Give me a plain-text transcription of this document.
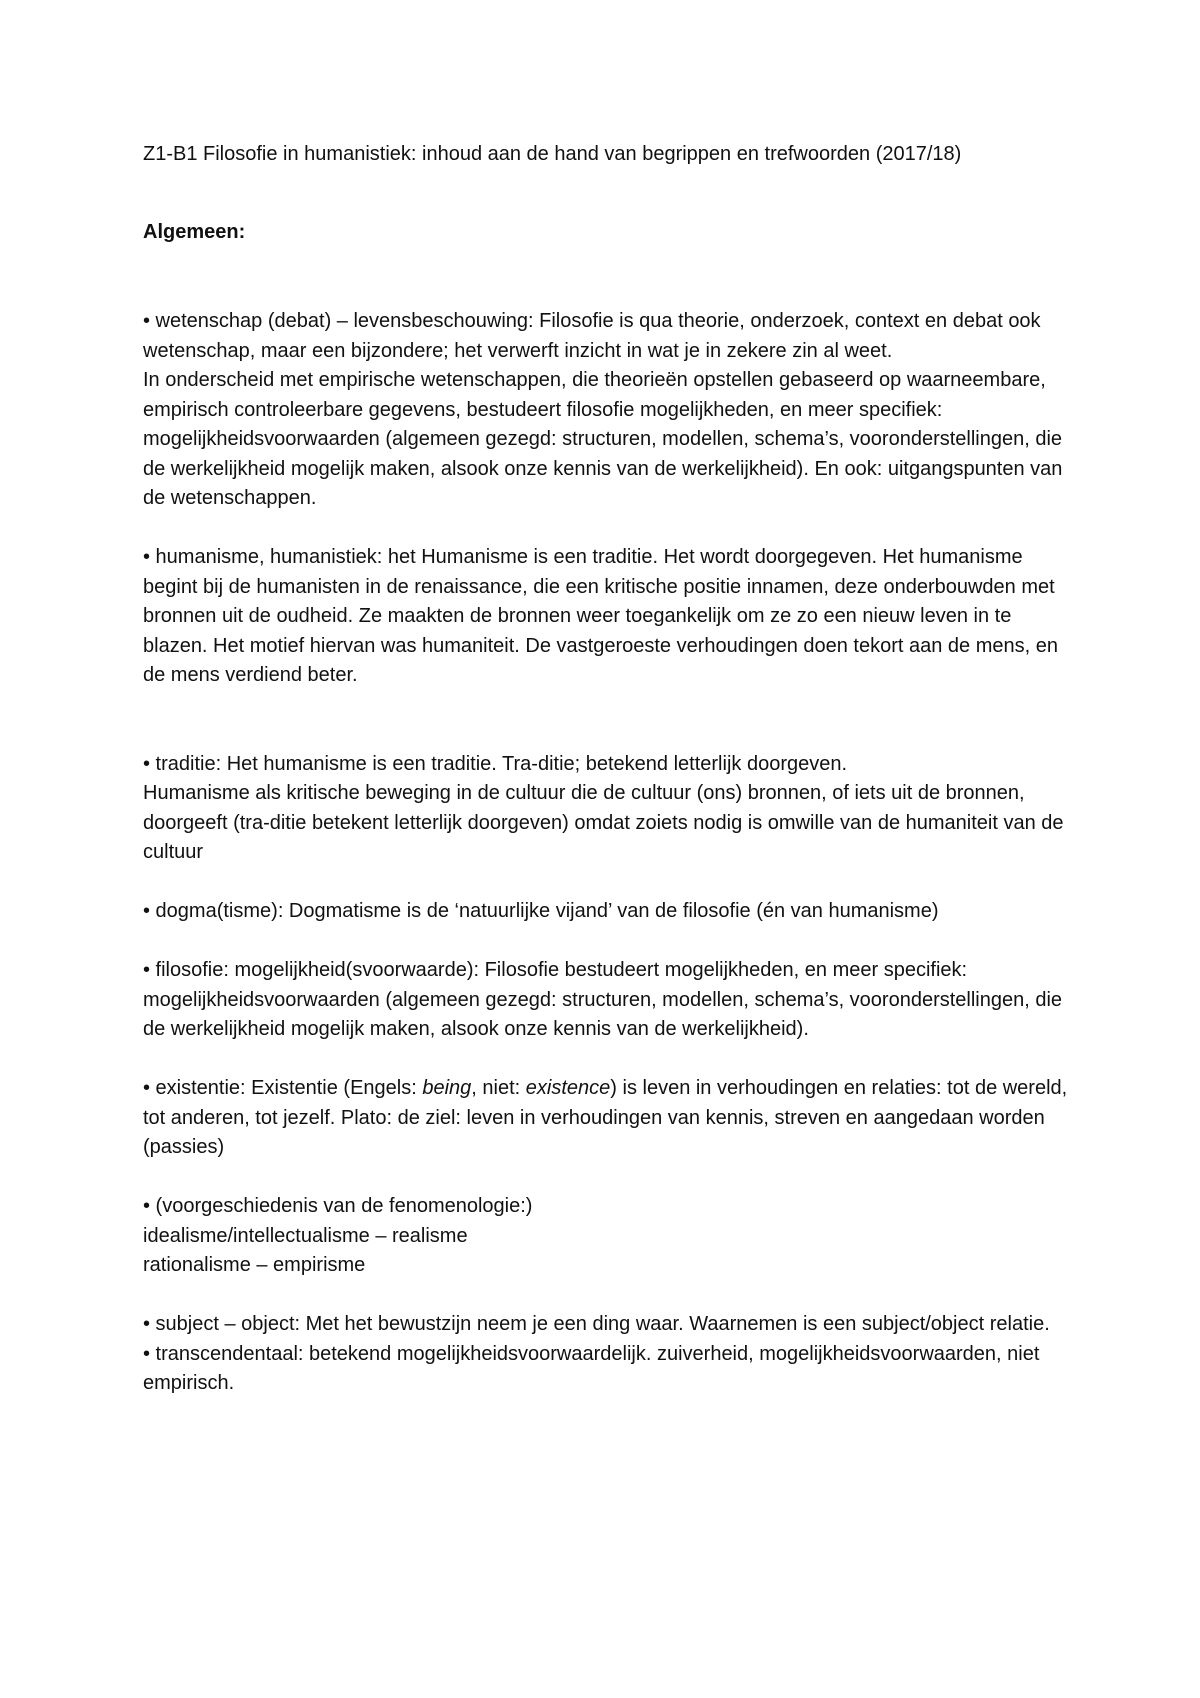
Z1-B1 Filosofie in humanistiek: inhoud aan de hand van begrippen en trefwoorden (2017/18)

Algemeen:

• wetenschap (debat) – levensbeschouwing: Filosofie is qua theorie, onderzoek, context en debat ook wetenschap, maar een bijzondere; het verwerft inzicht in wat je in zekere zin al weet.

In onderscheid met empirische wetenschappen, die theorieën opstellen gebaseerd op waarneembare, empirisch controleerbare gegevens, bestudeert filosofie mogelijkheden, en meer specifiek: mogelijkheidsvoorwaarden (algemeen gezegd: structuren, modellen, schema’s, vooronderstellingen, die de werkelijkheid mogelijk maken, alsook onze kennis van de werkelijkheid). En ook: uitgangspunten van de wetenschappen.

• humanisme, humanistiek: het Humanisme is een traditie. Het wordt doorgegeven. Het humanisme begint bij de humanisten in de renaissance, die een kritische positie innamen, deze onderbouwden met bronnen uit de oudheid. Ze maakten de bronnen weer toegankelijk om ze zo een nieuw leven in te blazen. Het motief hiervan was humaniteit. De vastgeroeste verhoudingen doen tekort aan de mens, en de mens verdiend beter.

• traditie: Het humanisme is een traditie. Tra-ditie; betekend letterlijk doorgeven.

Humanisme als kritische beweging in de cultuur die de cultuur (ons) bronnen, of iets uit de bronnen, doorgeeft (tra-ditie betekent letterlijk doorgeven) omdat zoiets nodig is omwille van de humaniteit van de cultuur

• dogma(tisme): Dogmatisme is de ‘natuurlijke vijand’ van de filosofie (én van humanisme)

• filosofie: mogelijkheid(svoorwaarde): Filosofie bestudeert mogelijkheden, en meer specifiek: mogelijkheidsvoorwaarden (algemeen gezegd: structuren, modellen, schema’s, vooronderstellingen, die de werkelijkheid mogelijk maken, alsook onze kennis van de werkelijkheid).

• existentie: Existentie (Engels: being, niet: existence) is leven in verhoudingen en relaties: tot de wereld, tot anderen, tot jezelf. Plato: de ziel: leven in verhoudingen van kennis, streven en aangedaan worden (passies)

• (voorgeschiedenis van de fenomenologie:)

idealisme/intellectualisme – realisme

rationalisme – empirisme

• subject – object: Met het bewustzijn neem je een ding waar. Waarnemen is een subject/object relatie.

• transcendentaal: betekend mogelijkheidsvoorwaardelijk. zuiverheid, mogelijkheidsvoorwaarden, niet empirisch.
